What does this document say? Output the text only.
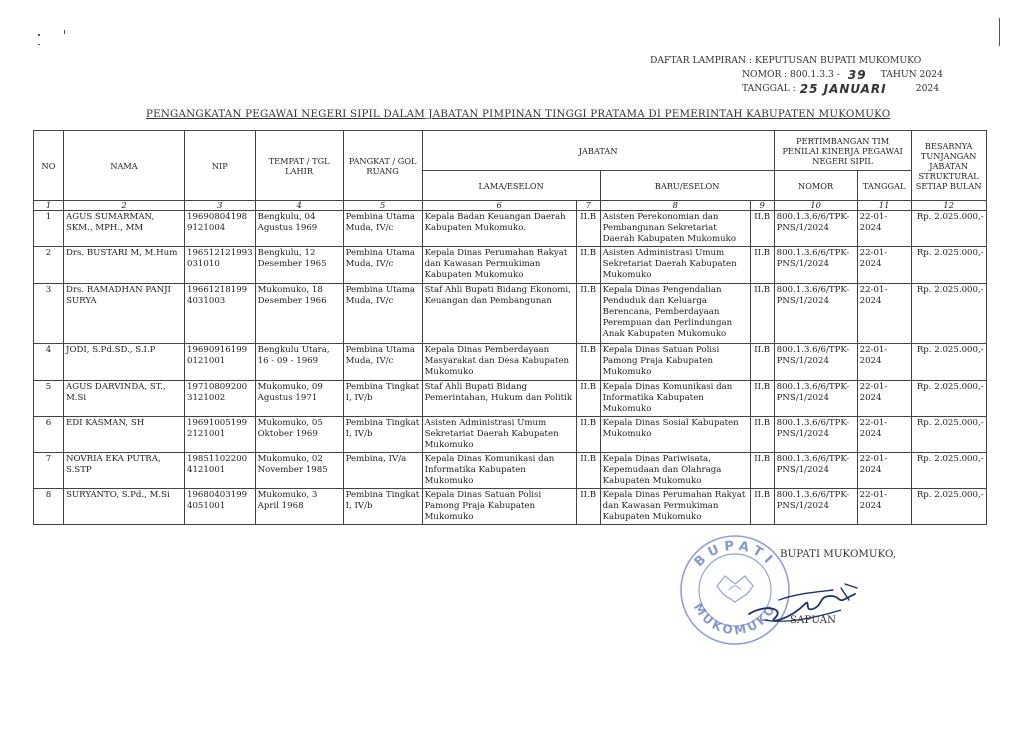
DAFTAR LAMPIRAN : KEPUTUSAN BUPATI MUKOMUKO
NOMOR : 800.1.3.3 - 39 TAHUN 2024
TANGGAL : 25 JANUARI	2024
PENGANGKATAN PEGAWAI NEGERI SIPIL DALAM JABATAN PIMPINAN TINGGI PRATAMA DI PEMERINTAH KABUPATEN MUKOMUKO
NO	NAMA	NIP	TEMPAT / TGL LAHIR	PANGKAT / GOL RUANG	JABATAN				PERTIMBANGAN TIM PENILAI KINERJA PEGAWAI NEGERI SIPIL		BESARNYA TUNJANGAN JABATAN STRUKTURAL SETIAP BULAN
					LAMA/ESELON		BARU/ESELON		NOMOR	TANGGAL	
1	2	3	4	5	6	7	8	9	10	11	12
1	AGUS SUMARMAN, SKM., MPH., MM	19690804198 9121004	Bengkulu, 04 Agustus 1969	Pembina Utama Muda, IV/c	Kepala Badan Keuangan Daerah Kabupaten Mukomuko.	II.B	Asisten Perekonomian dan Pembangunan Sekretariat Daerah Kabupaten Mukomuko	II.B	800.1.3.6/6/TPK-PNS/1/2024	22-01-2024	Rp. 2.025.000,-
2	Drs. BUSTARI M, M.Hum	196512121993 031010	Bengkulu, 12 Desember 1965	Pembina Utama Muda, IV/c	Kepala Dinas Perumahan Rakyat dan Kawasan Permukiman Kabupaten Mukomuko	II.B	Asisten Administrasi Umum Sekretariat Daerah Kabupaten Mukomuko	II.B	800.1.3.6/6/TPK-PNS/1/2024	22-01-2024	Rp. 2.025.000,-
3	Drs. RAMADHAN PANJI SURYA	19661218199 4031003	Mukomuko, 18 Desember 1966	Pembina Utama Muda, IV/c	Staf Ahli Bupati Bidang Ekonomi, Keuangan dan Pembangunan	II.B	Kepala Dinas Pengendalian Penduduk dan Keluarga Berencana, Pemberdayaan Perempuan dan Perlindungan Anak Kabupaten Mukomuko	II.B	800.1.3.6/6/TPK-PNS/1/2024	22-01-2024	Rp. 2.025.000,-
4	JODI, S.Pd.SD., S.I.P	19690916199 0121001	Bengkulu Utara, 16 - 09 - 1969	Pembina Utama Muda, IV/c	Kepala Dinas Pemberdayaan Masyarakat dan Desa Kabupaten Mukomuko	II.B	Kepala Dinas Satuan Polisi Pamong Praja Kabupaten Mukomuko	II.B	800.1.3.6/6/TPK-PNS/1/2024	22-01-2024	Rp. 2.025.000,-
5	AGUS DARVINDA, ST., M.Si	19710809200 3121002	Mukomuko, 09 Agustus 1971	Pembina Tingkat I, IV/b	Staf Ahli Bupati Bidang Pemerintahan, Hukum dan Politik	II.B	Kepala Dinas Komunikasi dan Informatika Kabupaten Mukomuko	II.B	800.1.3.6/6/TPK-PNS/1/2024	22-01-2024	Rp. 2.025.000,-
6	EDI KASMAN, SH	19691005199 2121001	Mukomuko, 05 Oktober 1969	Pembina Tingkat I, IV/b	Asisten Administrasi Umum Sekretariat Daerah Kabupaten Mukomuko	II.B	Kepala Dinas Sosial Kabupaten Mukomuko	II.B	800.1.3.6/6/TPK-PNS/1/2024	22-01-2024	Rp. 2.025.000,-
7	NOVRIA EKA PUTRA, S.STP	19851102200 4121001	Mukomuko, 02 November 1985	Pembina, IV/a	Kepala Dinas Komunikasi dan Informatika Kabupaten Mukomuko	II.B	Kepala Dinas Pariwisata, Kepemudaan dan Olahraga Kabupaten Mukomuko	II.B	800.1.3.6/6/TPK-PNS/1/2024	22-01-2024	Rp. 2.025.000,-
8	SURYANTO, S.Pd., M.Si	19680403199 4051001	Mukomuko, 3 April 1968	Pembina Tingkat I, IV/b	Kepala Dinas Satuan Polisi Pamong Praja Kabupaten Mukomuko	II.B	Kepala Dinas Perumahan Rakyat dan Kawasan Permukiman Kabupaten Mukomuko	II.B	800.1.3.6/6/TPK-PNS/1/2024	22-01-2024	Rp. 2.025.000,-
BUPATI
MUKOMUKO
BUPATI MUKOMUKO,
SAPUAN
